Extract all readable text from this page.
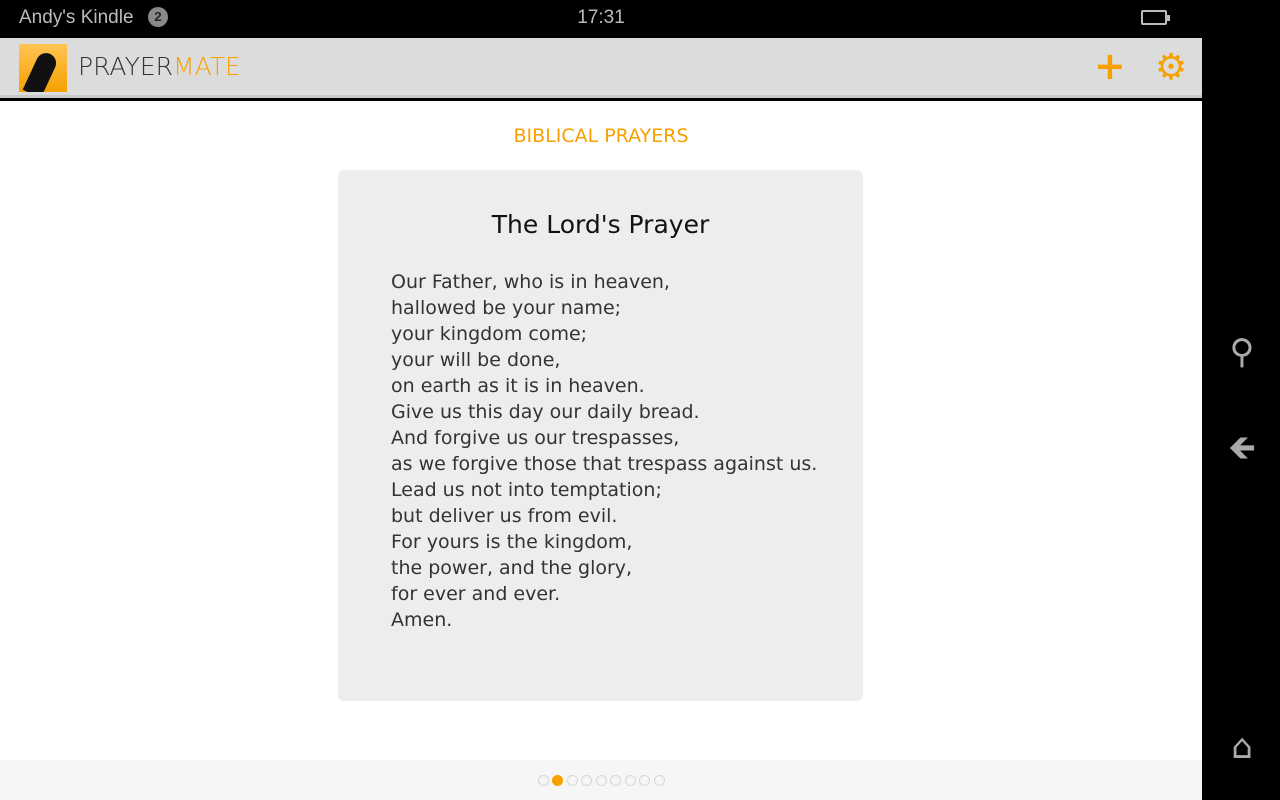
Andy's Kindle	2	17:31
PRAYERMATE	+ ⚙
BIBLICAL PRAYERS
The Lord's Prayer
Our Father, who is in heaven,
hallowed be your name;
your kingdom come;
your will be done,
on earth as it is in heaven.
Give us this day our daily bread.
And forgive us our trespasses,
as we forgive those that trespass against us.
Lead us not into temptation;
but deliver us from evil.
For yours is the kingdom,
the power, and the glory,
for ever and ever.
Amen.
⚲
🡸
⌂
